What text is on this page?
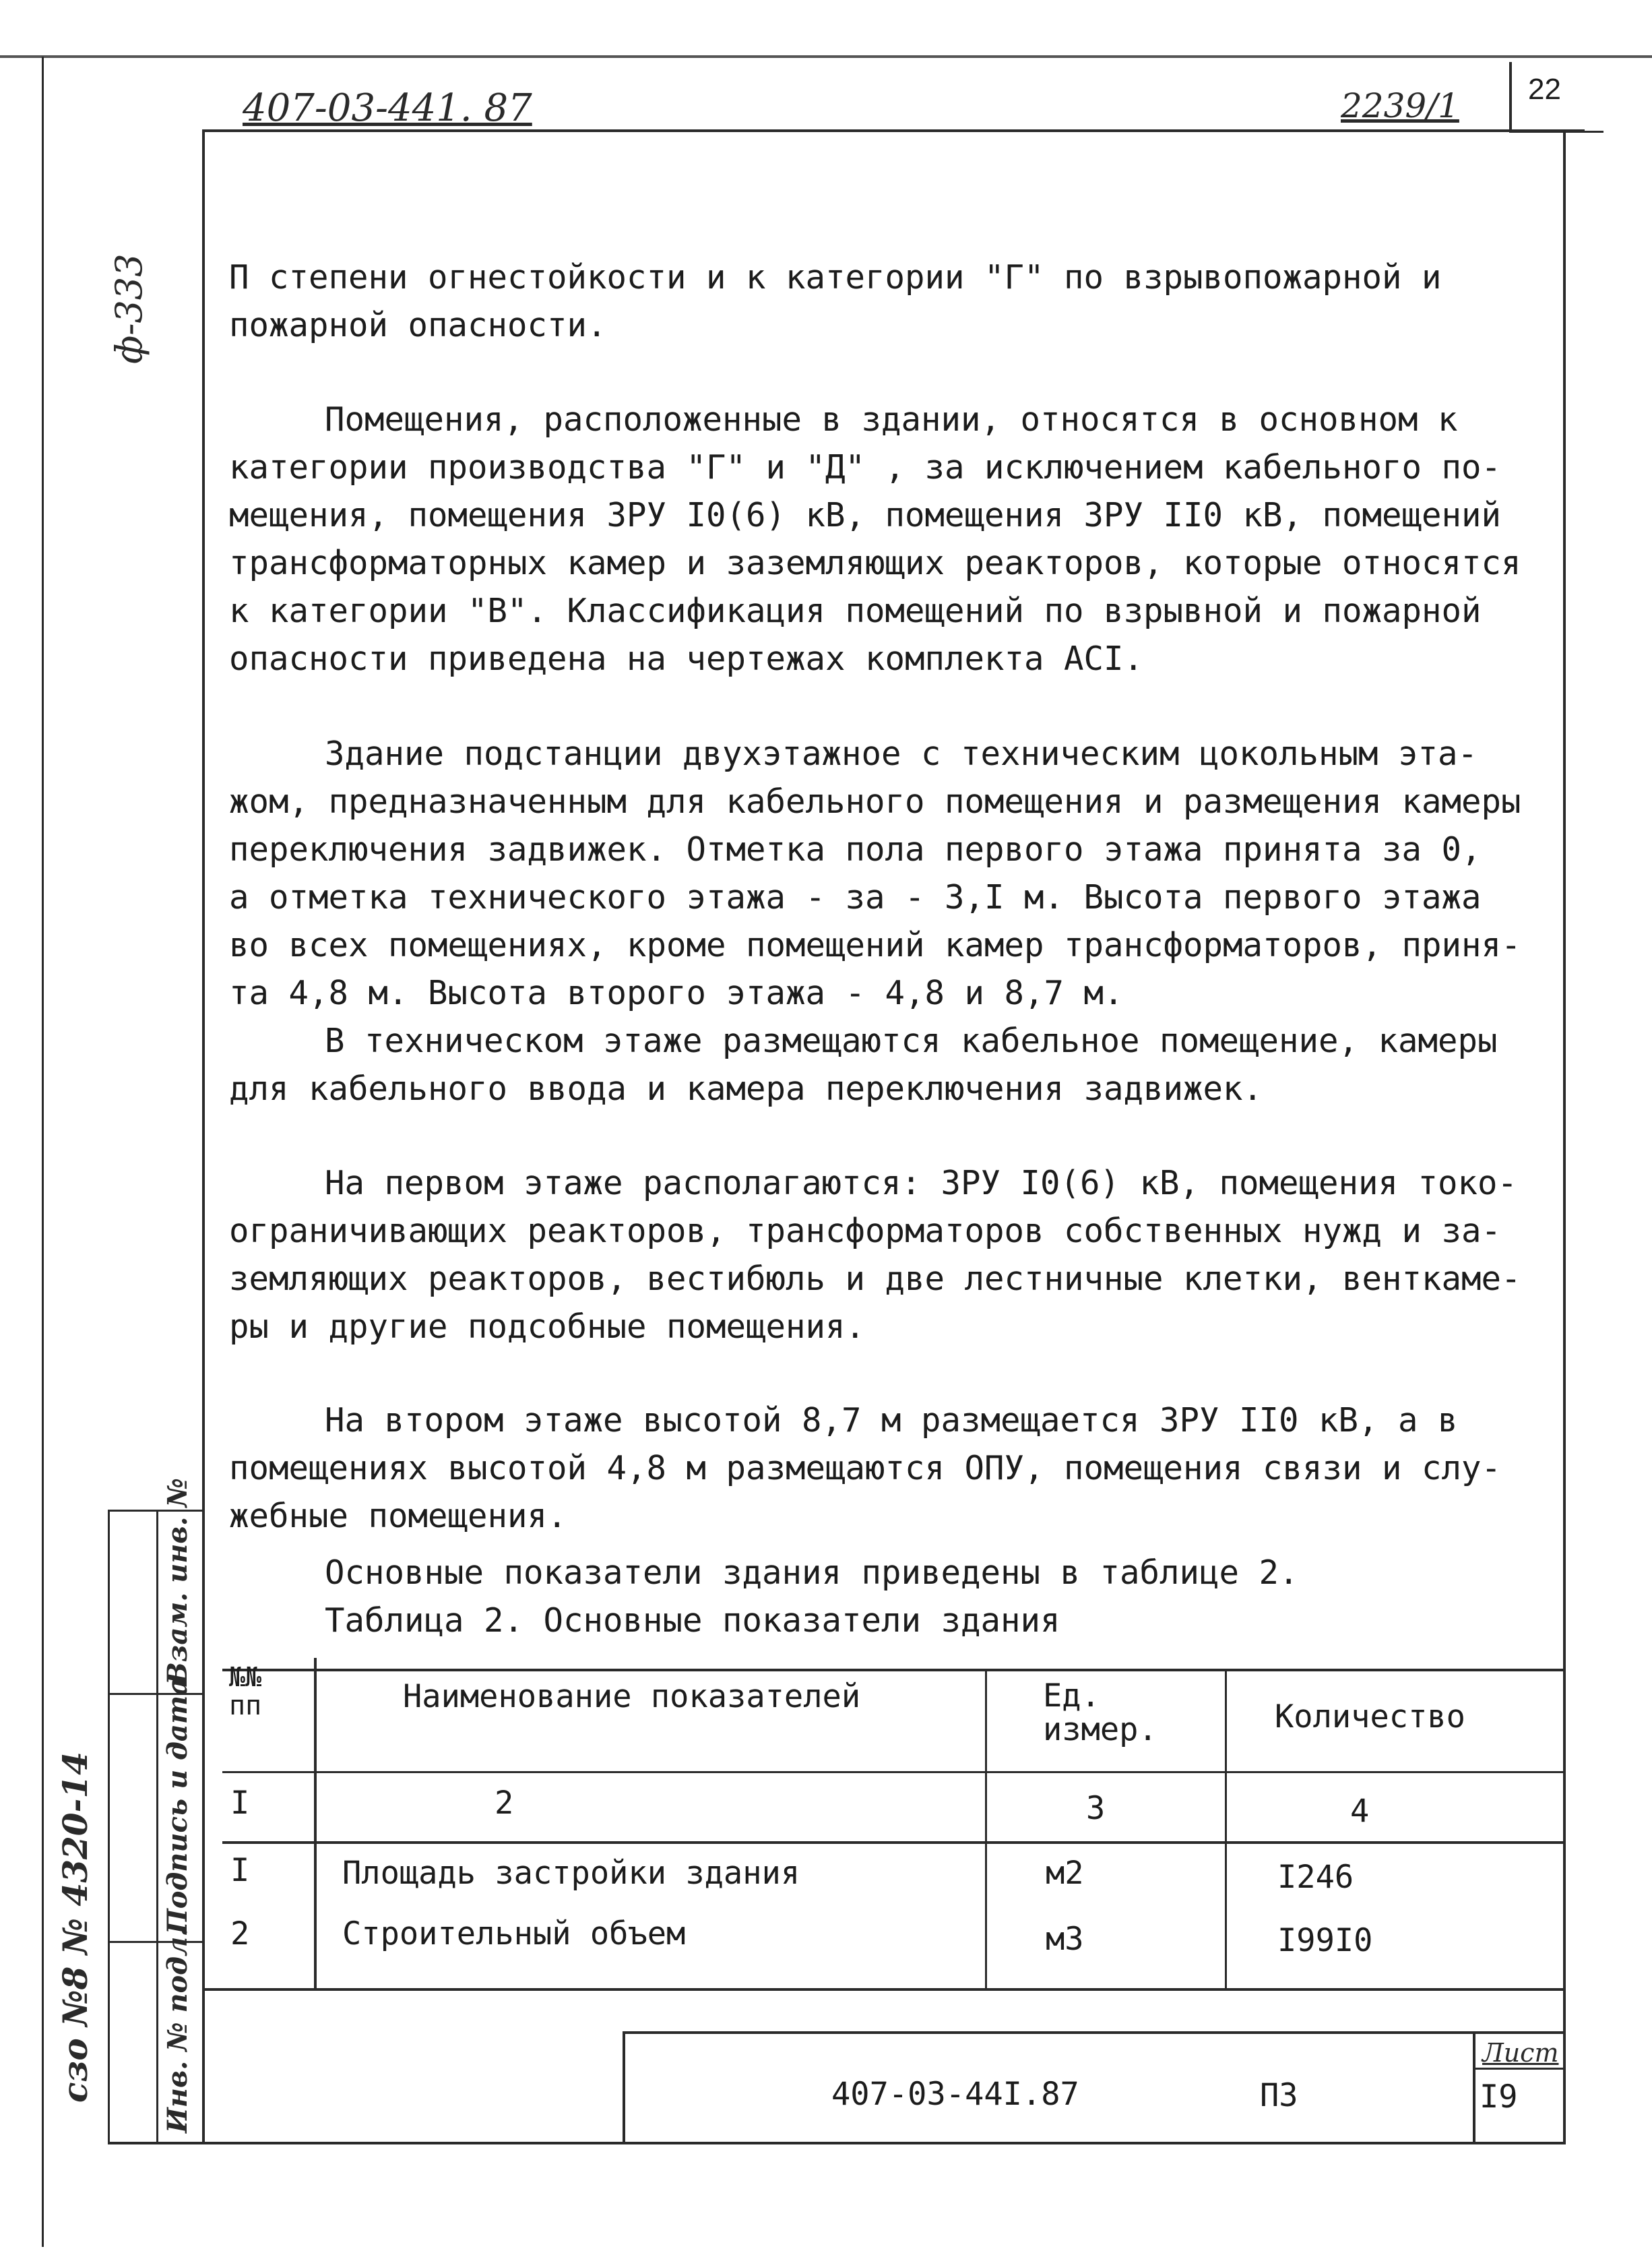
407-03-441. 87	2239/1 22
ф-333
сзо №8 № 4320-14
Взам. инв. №
Подпись и дата
Инв. № подл.
П степени огнестойкости и к категории "Г" по взрывопожарной и
пожарной опасности.
Помещения, расположенные в здании, относятся в основном к
категории производства "Г" и "Д" , за исключением кабельного по-
мещения, помещения ЗРУ I0(6) кВ, помещения ЗРУ II0 кВ, помещений
трансформаторных камер и заземляющих реакторов, которые относятся
к категории "В". Классификация помещений по взрывной и пожарной
опасности приведена на чертежах комплекта АСI.
Здание подстанции двухэтажное с техническим цокольным эта-
жом, предназначенным для кабельного помещения и размещения камеры
переключения задвижек. Отметка пола первого этажа принята за 0,
а отметка технического этажа - за - 3,I м. Высота первого этажа
во всех помещениях, кроме помещений камер трансформаторов, приня-
та 4,8 м. Высота второго этажа - 4,8 и 8,7 м.
В техническом этаже размещаются кабельное помещение, камеры
для кабельного ввода и камера переключения задвижек.
На первом этаже располагаются: ЗРУ I0(6) кВ, помещения токо-
ограничивающих реакторов, трансформаторов собственных нужд и за-
земляющих реакторов, вестибюль и две лестничные клетки, венткаме-
ры и другие подсобные помещения.
На втором этаже высотой 8,7 м размещается ЗРУ II0 кВ, а в
помещениях высотой 4,8 м размещаются ОПУ, помещения связи и слу-
жебные помещения.
Основные показатели здания приведены в таблице 2.
Таблица 2. Основные показатели здания
№№ пп	Наименование показателей	Ед. измер.	Количество
I	2	3	4
I	Площадь застройки здания	м2	I246
2	Строительный объем	м3	I99I0
407-03-44I.87	ПЗ
Лист
I9
